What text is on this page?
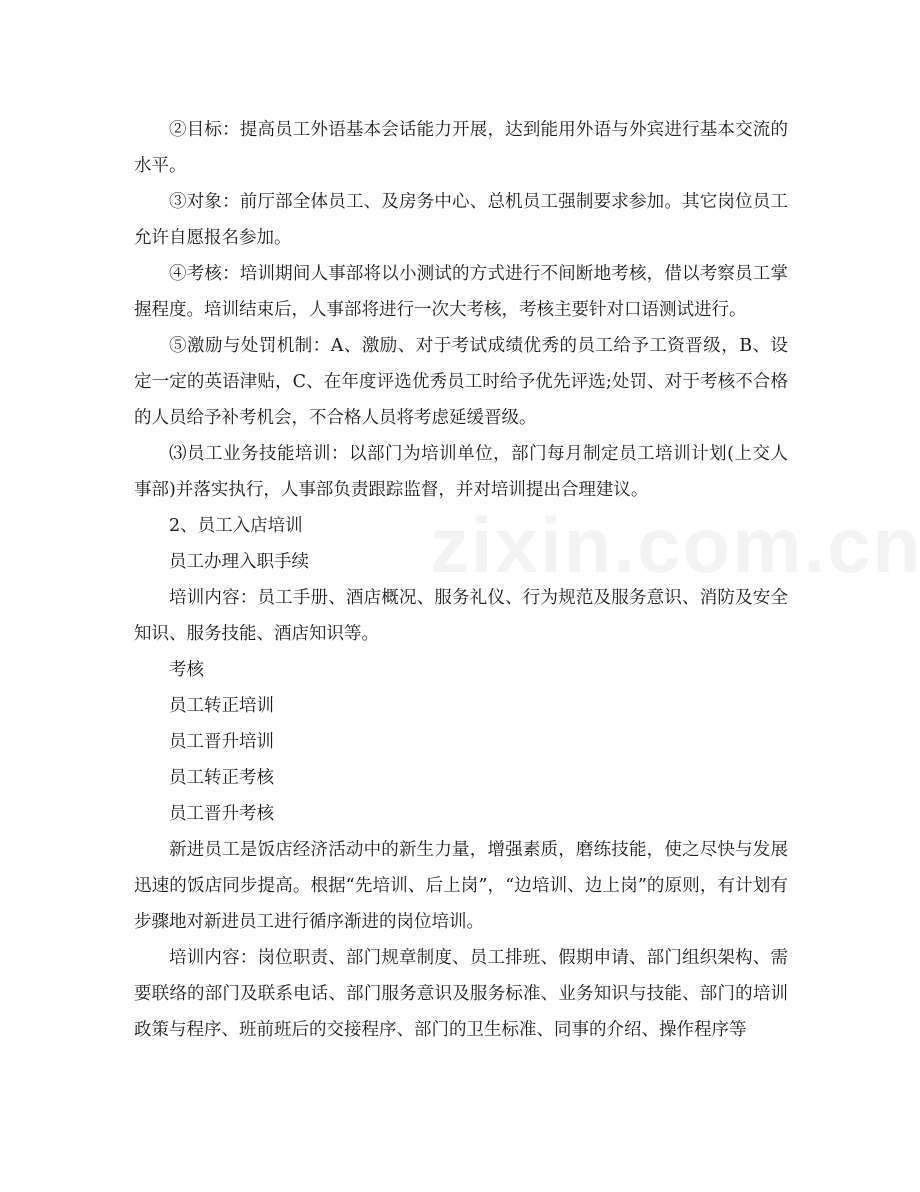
②目标：提高员工外语基本会话能力开展，达到能用外语与外宾进行基本交流的水平。

③对象：前厅部全体员工、及房务中心、总机员工强制要求参加。其它岗位员工允许自愿报名参加。

④考核：培训期间人事部将以小测试的方式进行不间断地考核，借以考察员工掌握程度。培训结束后，人事部将进行一次大考核，考核主要针对口语测试进行。

⑤激励与处罚机制：A、激励、对于考试成绩优秀的员工给予工资晋级，B、设定一定的英语津贴，C、在年度评选优秀员工时给予优先评选;处罚、对于考核不合格的人员给予补考机会，不合格人员将考虑延缓晋级。

⑶员工业务技能培训：以部门为培训单位，部门每月制定员工培训计划(上交人事部)并落实执行，人事部负责跟踪监督，并对培训提出合理建议。

2、员工入店培训

员工办理入职手续

培训内容：员工手册、酒店概况、服务礼仪、行为规范及服务意识、消防及安全知识、服务技能、酒店知识等。

考核

员工转正培训

员工晋升培训

员工转正考核

员工晋升考核

新进员工是饭店经济活动中的新生力量，增强素质，磨练技能，使之尽快与发展迅速的饭店同步提高。根据“先培训、后上岗”，“边培训、边上岗”的原则，有计划有步骤地对新进员工进行循序渐进的岗位培训。

培训内容：岗位职责、部门规章制度、员工排班、假期申请、部门组织架构、需要联络的部门及联系电话、部门服务意识及服务标准、业务知识与技能、部门的培训政策与程序、班前班后的交接程序、部门的卫生标准、同事的介绍、操作程序等
